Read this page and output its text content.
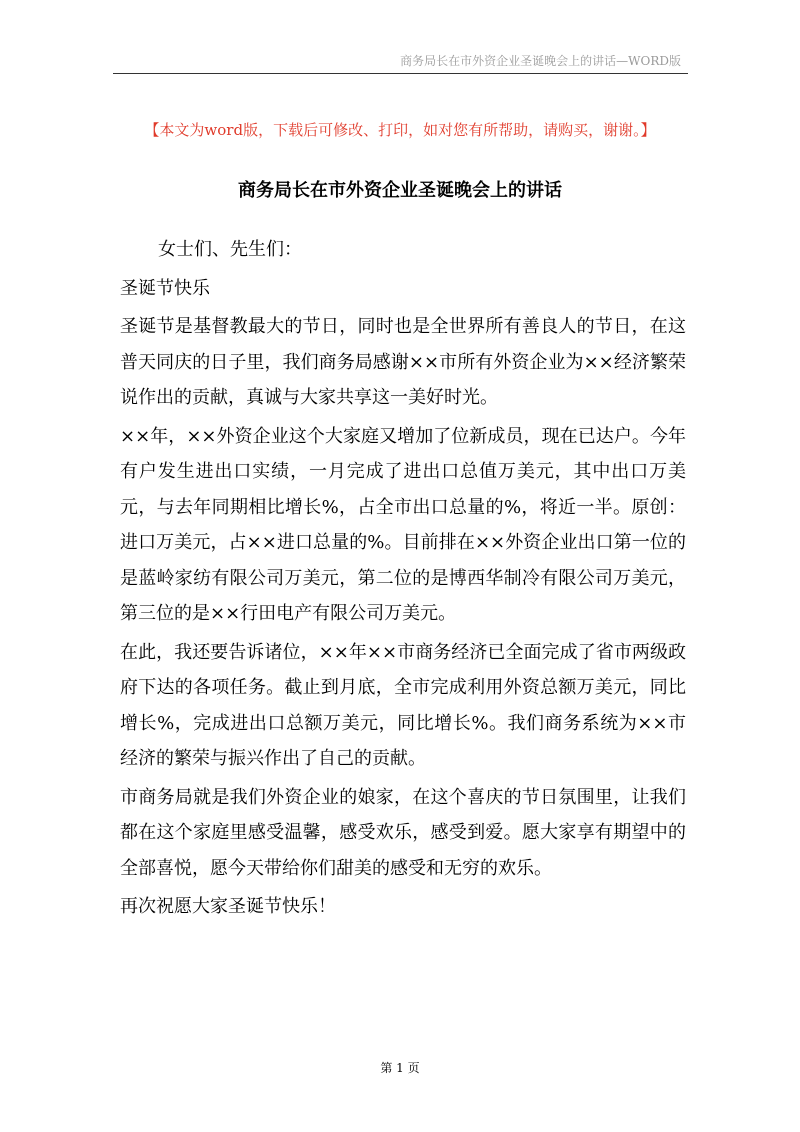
商务局长在市外资企业圣诞晚会上的讲话—WORD版
【本文为word版，下载后可修改、打印，如对您有所帮助，请购买，谢谢。】
商务局长在市外资企业圣诞晚会上的讲话

女士们、先生们：

圣诞节快乐

圣诞节是基督教最大的节日，同时也是全世界所有善良人的节日，在这普天同庆的日子里，我们商务局感谢××市所有外资企业为××经济繁荣说作出的贡献，真诚与大家共享这一美好时光。

××年，××外资企业这个大家庭又增加了位新成员，现在已达户。今年有户发生进出口实绩，一月完成了进出口总值万美元，其中出口万美元，与去年同期相比增长%，占全市出口总量的%，将近一半。原创：进口万美元，占××进口总量的%。目前排在××外资企业出口第一位的是蓝岭家纺有限公司万美元，第二位的是博西华制冷有限公司万美元，第三位的是××行田电产有限公司万美元。

在此，我还要告诉诸位，××年××市商务经济已全面完成了省市两级政府下达的各项任务。截止到月底，全市完成利用外资总额万美元，同比增长%，完成进出口总额万美元，同比增长%。我们商务系统为××市经济的繁荣与振兴作出了自己的贡献。

市商务局就是我们外资企业的娘家，在这个喜庆的节日氛围里，让我们都在这个家庭里感受温馨，感受欢乐，感受到爱。愿大家享有期望中的全部喜悦，愿今天带给你们甜美的感受和无穷的欢乐。

再次祝愿大家圣诞节快乐！

第 1 页
